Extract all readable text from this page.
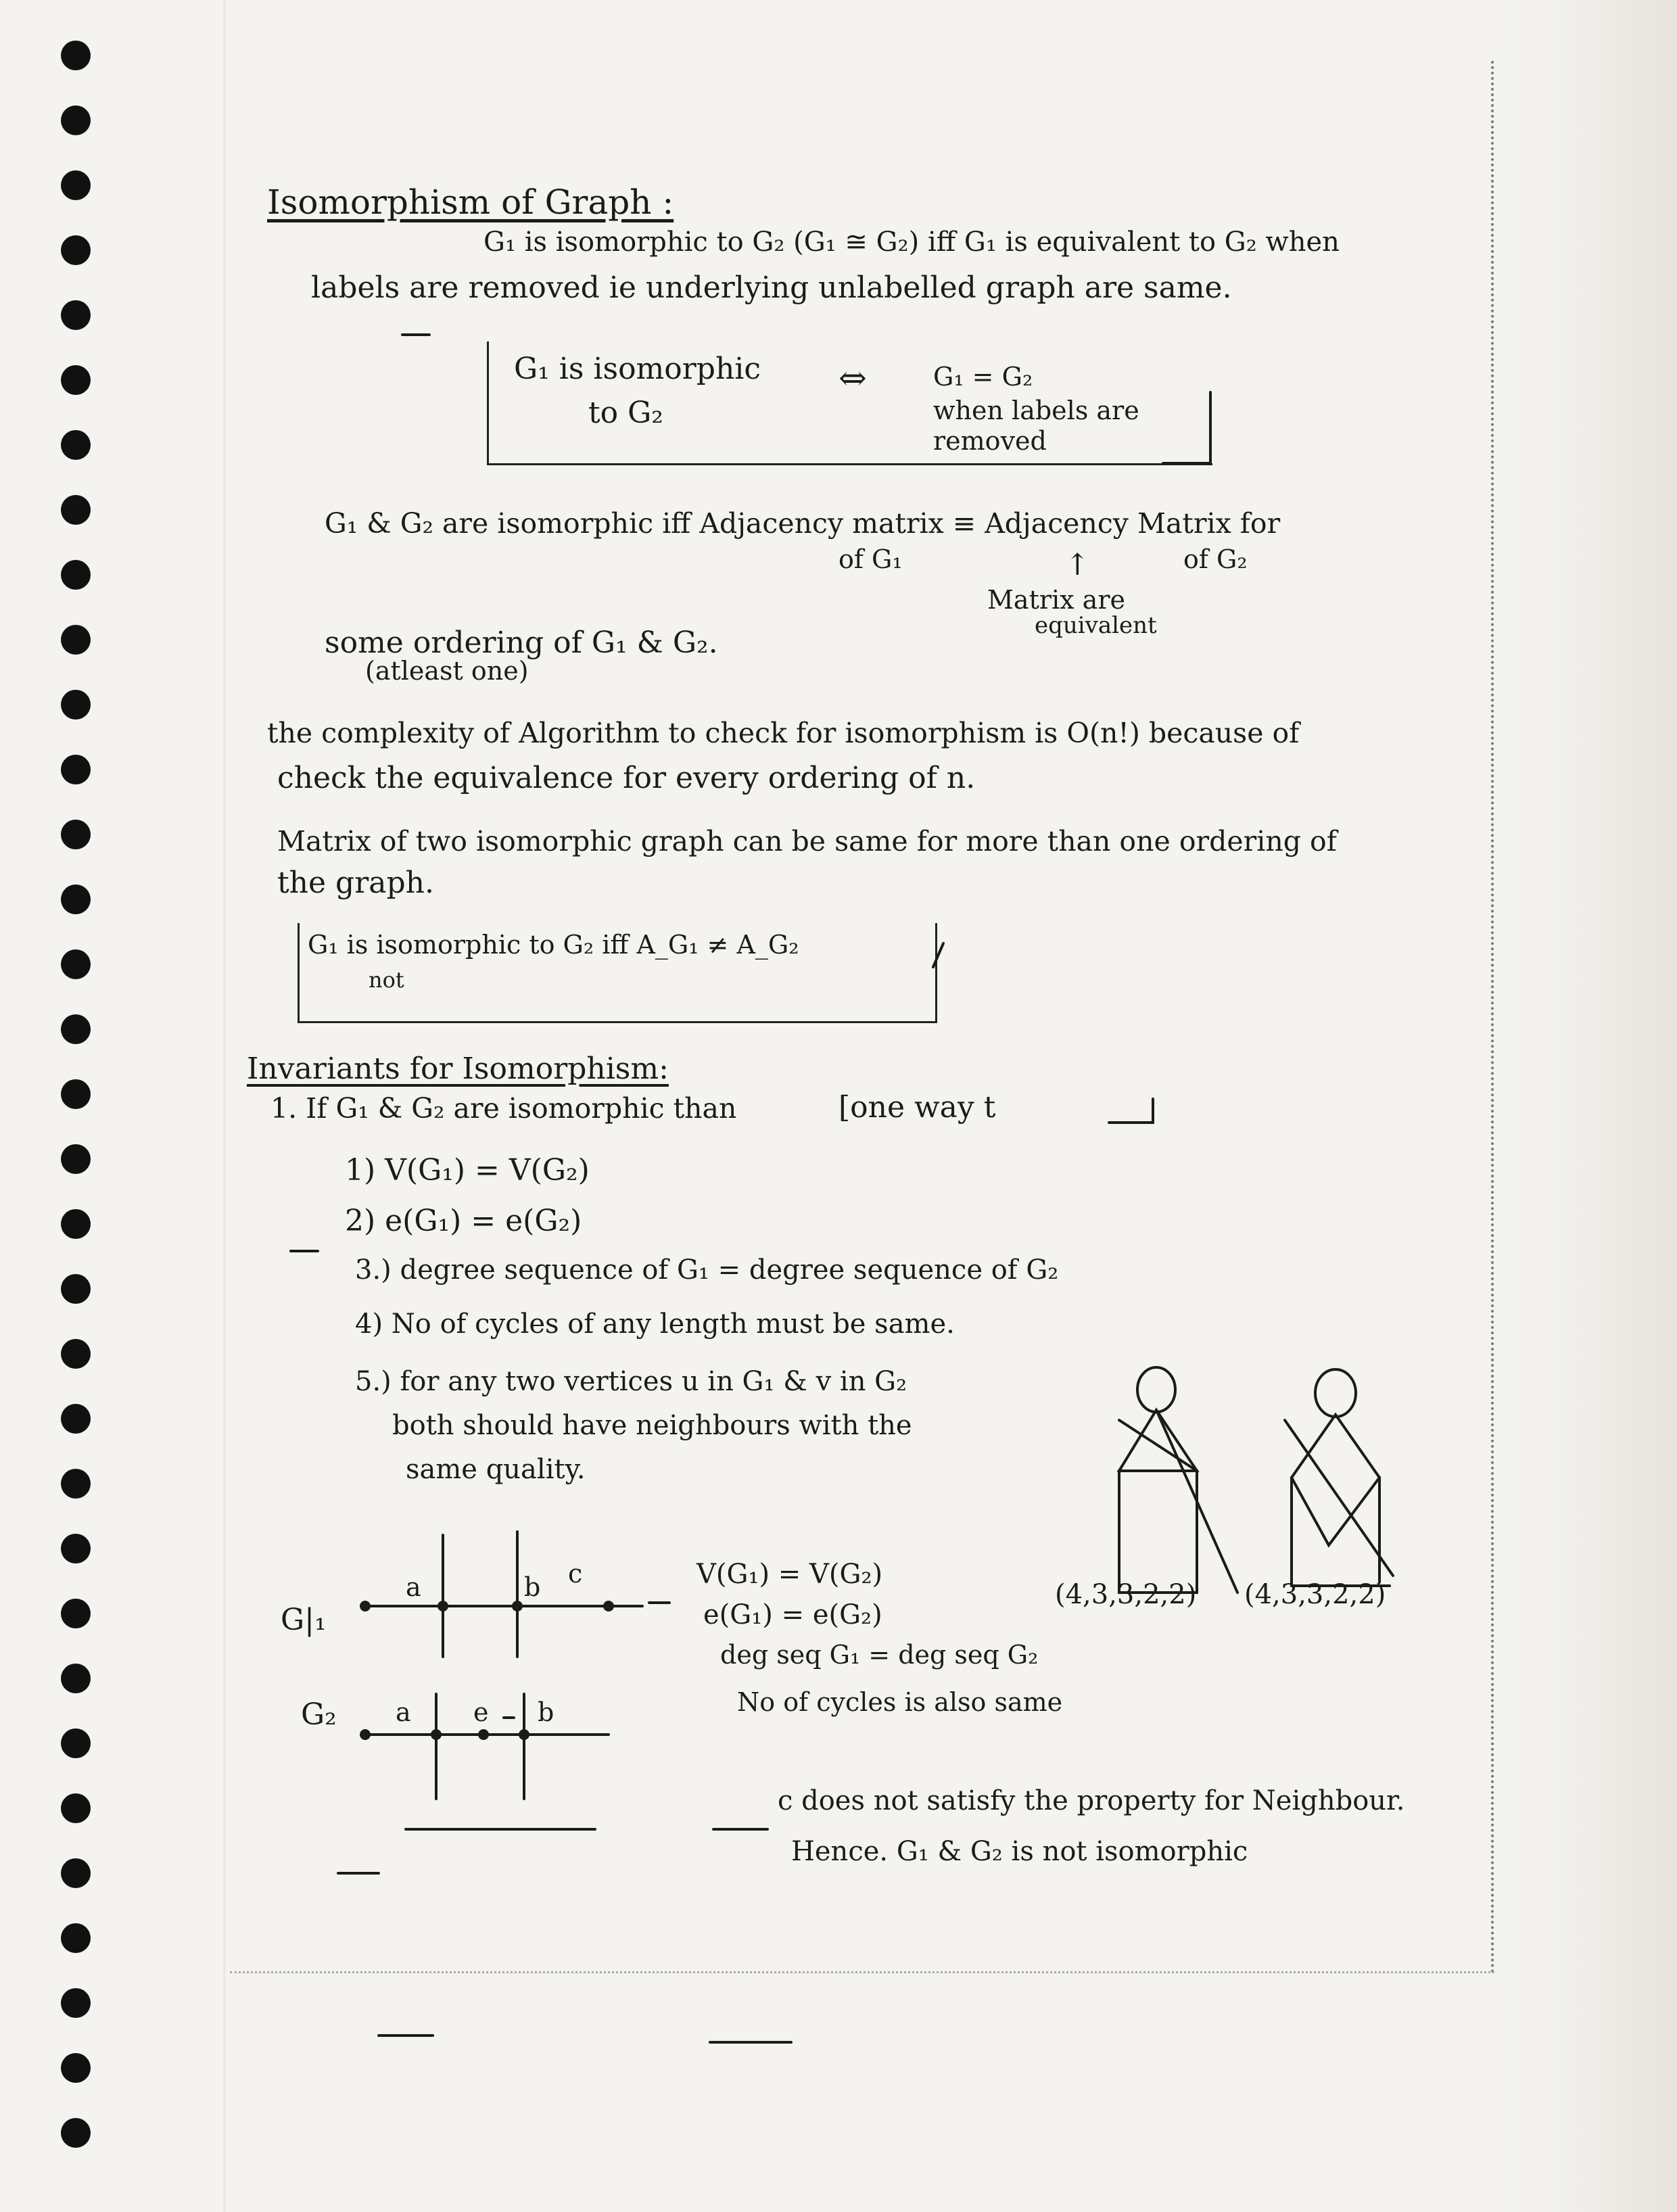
Isomorphism of Graph :
G₁ is isomorphic to G₂ (G₁ ≅ G₂) iff G₁ is equivalent to G₂ when
labels are removed ie underlying unlabelled graph are same.
G₁ is isomorphic
to G₂
⇔	G₁ = G₂
when labels are
removed
G₁ & G₂ are isomorphic iff Adjacency matrix ≡ Adjacency Matrix for
of G₁	of G₂
↑
Matrix are
equivalent
some ordering of G₁ & G₂.
(atleast one)
the complexity of Algorithm to check for isomorphism is O(n!) because of
check the equivalence for every ordering of n.
Matrix of two isomorphic graph can be same for more than one ordering of
the graph.
G₁ is isomorphic to G₂ iff A_G₁ ≠ A_G₂
not
Invariants for Isomorphism:
1. If G₁ & G₂ are isomorphic than	[one way t
1) V(G₁) = V(G₂)
2) e(G₁) = e(G₂)
3.) degree sequence of G₁ = degree sequence of G₂
4) No of cycles of any length must be same.
5.) for any two vertices u in G₁ & v in G₂
both should have neighbours with the
same quality.
G|₁
G₂
a	b c
a e b
V(G₁) = V(G₂)
e(G₁) = e(G₂)
deg seq G₁ = deg seq G₂
No of cycles is also same
(4,3,3,2,2) (4,3,3,2,2)
c does not satisfy the property for Neighbour.
Hence. G₁ & G₂ is not isomorphic
